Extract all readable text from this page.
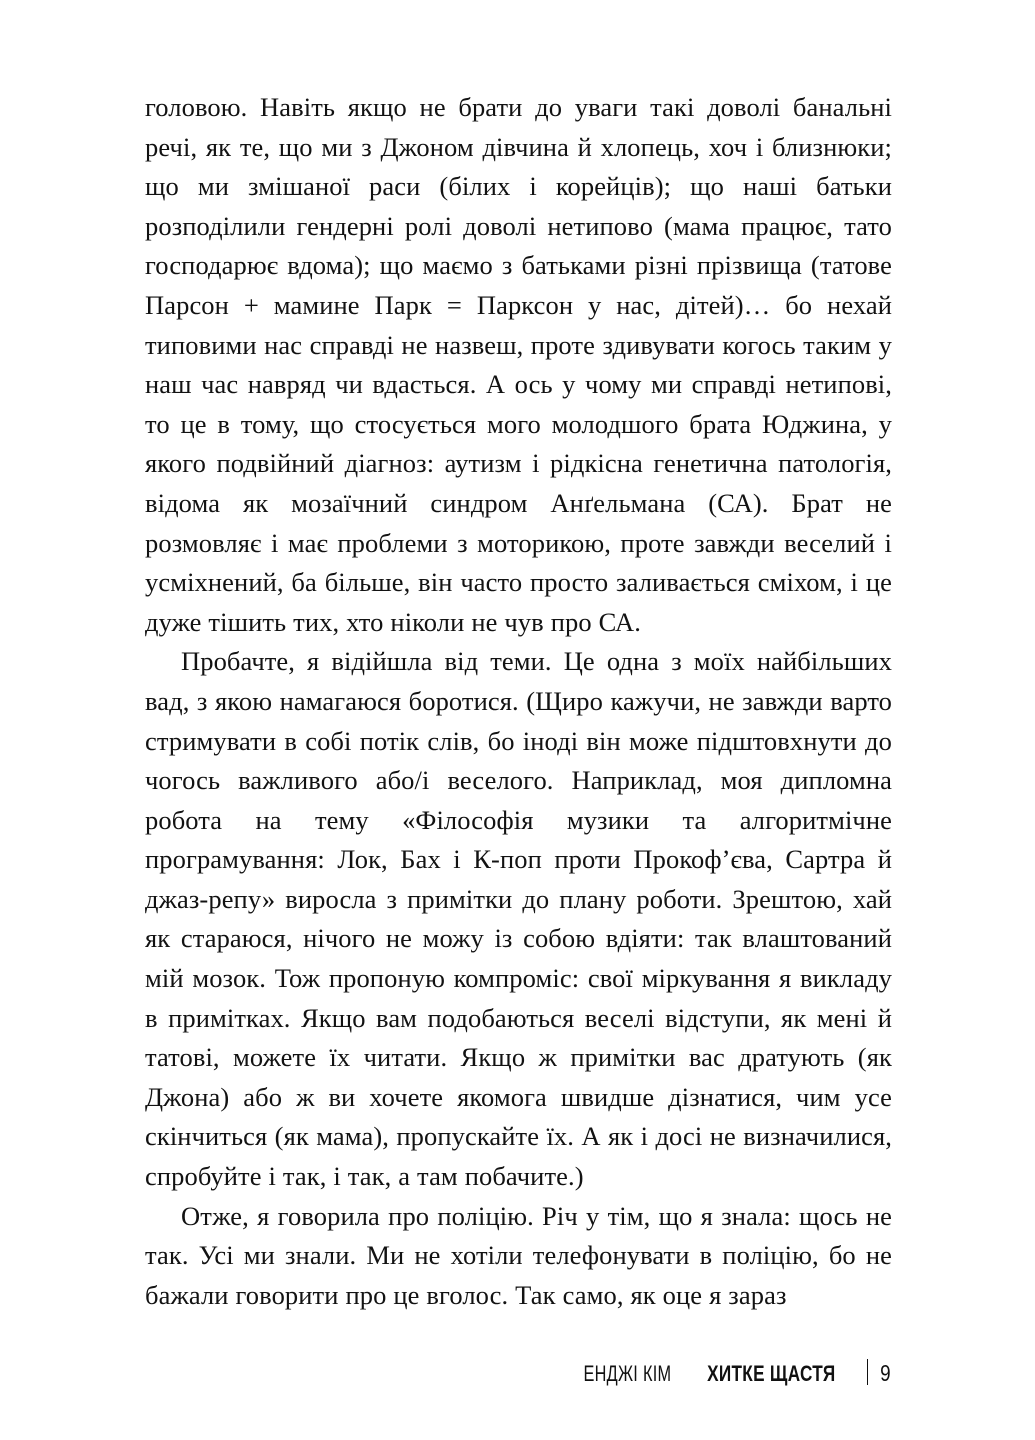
головою. Навіть якщо не брати до уваги такі доволі банальні речі, як те, що ми з Джоном дівчина й хлопець, хоч і близнюки; що ми змішаної раси (білих і корейців); що наші батьки розподілили гендерні ролі доволі нетипово (мама працює, тато господарює вдома); що маємо з батьками різні прізвища (татове Парсон + мамине Парк = Парксон у нас, дітей)… бо нехай типовими нас справді не назвеш, проте здивувати когось таким у наш час навряд чи вдасться. А ось у чому ми справді нетипові, то це в тому, що стосується мого молодшого брата Юджина, у якого подвійний діагноз: аутизм і рідкісна генетична патологія, відома як мозаїчний синдром Анґельмана (СА). Брат не розмовляє і має проблеми з моторикою, проте завжди веселий і усміхнений, ба більше, він часто просто заливається сміхом, і це дуже тішить тих, хто ніколи не чув про СА.

Пробачте, я відійшла від теми. Це одна з моїх найбільших вад, з якою намагаюся боротися. (Щиро кажучи, не завжди варто стримувати в собі потік слів, бо іноді він може підштовхнути до чогось важливого або/і веселого. Наприклад, моя дипломна робота на тему «Філософія музики та алгоритмічне програмування: Лок, Бах і К-поп проти Прокоф’єва, Сартра й джаз-репу» виросла з примітки до плану роботи. Зрештою, хай як стараюся, нічого не можу із собою вдіяти: так влаштований мій мозок. Тож пропоную компроміс: свої міркування я викладу в примітках. Якщо вам подобаються веселі відступи, як мені й татові, можете їх читати. Якщо ж примітки вас дратують (як Джона) або ж ви хочете якомога швидше дізнатися, чим усе скінчиться (як мама), пропускайте їх. А як і досі не визначилися, спробуйте і так, і так, а там побачите.)

Отже, я говорила про поліцію. Річ у тім, що я знала: щось не так. Усі ми знали. Ми не хотіли телефонувати в поліцію, бо не бажали говорити про це вголос. Так само, як оце я зараз

ЕНДЖІ КІМ ХИТКЕ ЩАСТЯ 9
